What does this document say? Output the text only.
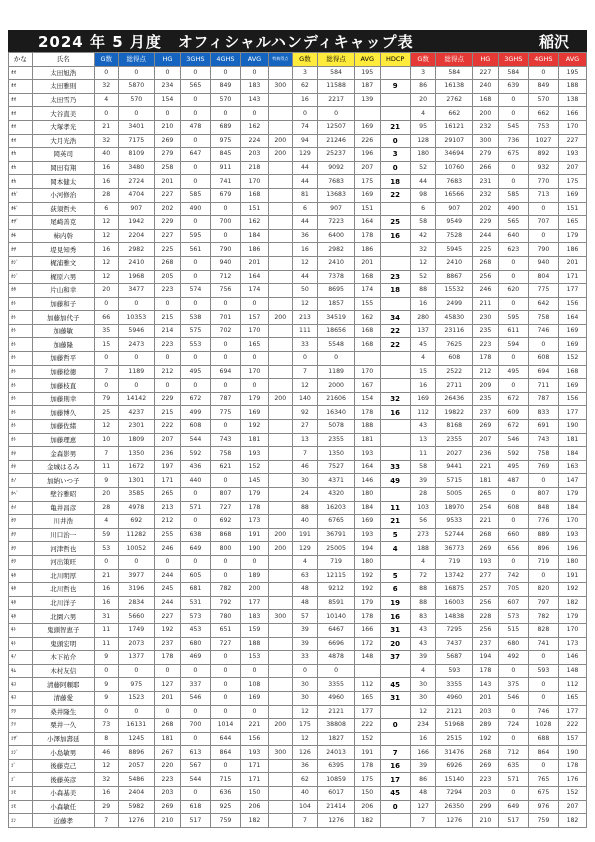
2024 年 5 月度　オフィシャルハンディキャップ表	稲沢
かな	氏名	G数	総得点	HG	3GHS	4GHS	AVG	特典得点	G数	総得点	AVG	HDCP	G数	総得点	HG	3GHS	4GHS	AVG
ｵｵ	太田旭浩	0	0	0	0	0	0		3	584	195		3	584	227	584	0	195
ｵｵ	太田雅則	32	5870	234	565	849	183	300	62	11588	187	9	86	16138	240	639	849	188
ｵｵ	太田雪乃	4	570	154	0	570	143		16	2217	139		20	2762	168	0	570	138
ｵｵ	大谷直美	0	0	0	0	0	0		0	0			4	662	200	0	662	166
ｵｵ	大塚孝光	21	3401	210	478	689	162		74	12507	169	21	95	16121	232	545	753	170
ｵｵ	大月光浩	32	7175	269	0	975	224	200	94	21246	226	0	128	29107	300	736	1027	227
ｵｶ	岡英司	40	8109	279	647	845	203	200	129	25237	196	3	180	34694	279	675	892	193
ｵｶ	岡田有翔	16	3480	258	0	911	218		44	9092	207	0	52	10760	266	0	932	207
ｵｶ	岡本健太	16	2724	201	0	741	170		44	7683	175	18	44	7683	231	0	770	175
ｵｶﾞ	小河修治	28	4704	227	585	679	168		81	13683	169	22	98	16566	232	585	713	169
ｵｷﾞ	荻須哲夫	6	907	202	490	0	151		6	907	151		6	907	202	490	0	151
ｵｻﾞ	尾崎善克	12	1942	229	0	700	162		44	7223	164	25	58	9549	229	565	707	165
ｶｷ	柿内幹	12	2204	227	595	0	184		36	6400	178	16	42	7528	244	640	0	179
ｶｻ	堤見知秀	16	2982	225	561	790	186		16	2982	186		32	5945	225	623	790	186
ｶｼﾞ	梶浦雅文	12	2410	268	0	940	201		12	2410	201		12	2410	268	0	940	201
ｶｼﾞ	梶原六男	12	1968	205	0	712	164		44	7378	168	23	52	8867	256	0	804	171
ｶﾀ	片山和幸	20	3477	223	574	756	174		50	8695	174	18	88	15532	246	620	775	177
ｶﾄ	加藤和子	0	0	0	0	0	0		12	1857	155		16	2499	211	0	642	156
ｶﾄ	加藤加代子	66	10353	215	538	701	157	200	213	34519	162	34	280	45830	230	595	758	164
ｶﾄ	加藤敏	35	5946	214	575	702	170		111	18656	168	22	137	23116	235	611	746	169
ｶﾄ	加藤隆	15	2473	223	553	0	165		33	5548	168	22	45	7625	223	594	0	169
ｶﾄ	加藤哲平	0	0	0	0	0	0		0	0			4	608	178	0	608	152
ｶﾄ	加藤稔徳	7	1189	212	495	694	170		7	1189	170		15	2522	212	495	694	168
ｶﾄ	加藤枝直	0	0	0	0	0	0		12	2000	167		16	2711	209	0	711	169
ｶﾄ	加藤則幸	79	14142	229	672	787	179	200	140	21606	154	32	169	26436	235	672	787	156
ｶﾄ	加藤博久	25	4237	215	499	775	169		92	16340	178	16	112	19822	237	609	833	177
ｶﾄ	加藤佐緒	12	2301	222	608	0	192		27	5078	188		43	8168	269	672	691	190
ｶﾄ	加藤理恵	10	1809	207	544	743	181		13	2355	181		13	2355	207	546	743	181
ｶﾈ	金森影男	7	1350	236	592	758	193		7	1350	193		11	2027	236	592	758	184
ｶﾈ	金城はるみ	11	1672	197	436	621	152		46	7527	164	33	58	9441	221	495	769	163
ｶﾉ	加納いつ子	9	1301	171	440	0	145		30	4371	146	49	39	5715	181	487	0	147
ｶﾍﾞ	壁谷雅昭	20	3585	265	0	807	179		24	4320	180		28	5005	265	0	807	179
ｶﾒ	亀井昌彦	28	4978	213	571	727	178		88	16203	184	11	103	18970	254	608	848	184
ｶﾜ	川井浩	4	692	212	0	692	173		40	6765	169	21	56	9533	221	0	776	170
ｶﾜ	川口治一	59	11282	255	638	868	191	200	191	36791	193	5	273	52744	268	660	889	193
ｶﾜ	河津哲也	53	10052	246	649	800	190	200	129	25005	194	4	188	36773	269	656	896	196
ｶﾜ	河出策旺	0	0	0	0	0	0		4	719	180		4	719	193	0	719	180
ｷﾀ	北川明厚	21	3977	244	605	0	189		63	12115	192	5	72	13742	277	742	0	191
ｷﾀ	北川哲也	16	3196	245	681	782	200		48	9212	192	6	88	16875	257	705	820	192
ｷﾀ	北川洋子	16	2834	244	531	792	177		48	8591	179	19	88	16003	256	607	797	182
ｷﾀ	北園六男	31	5660	227	573	780	183	300	57	10140	178	16	83	14838	228	573	782	179
ｷﾄ	鬼頭智恵子	11	1749	192	453	651	159		39	6467	166	31	43	7295	256	515	828	170
ｷﾄ	鬼頭宏明	11	2073	237	680	727	188		39	6696	172	20	43	7437	237	680	741	173
ｷﾉ	木下祐介	9	1377	178	469	0	153		33	4878	148	37	39	5687	194	492	0	146
ｷﾑ	木村友信	0	0	0	0	0	0		0	0			4	593	178	0	593	148
ｷﾖ	清藤阿頼耶	9	975	127	337	0	108		30	3355	112	45	30	3355	143	375	0	112
ｷﾖ	清藤愛	9	1523	201	546	0	169		30	4960	165	31	30	4960	201	546	0	165
ｸﾜ	桑井隆生	0	0	0	0	0	0		12	2121	177		12	2121	203	0	746	177
ｸﾘ	栗井一久	73	16131	268	700	1014	221	200	175	38808	222	0	234	51968	289	724	1028	222
ｺｻﾞ	小澤加壽延	8	1245	181	0	644	156		12	1827	152		16	2515	192	0	688	157
ｺｼﾞ	小島敏男	46	8896	267	613	864	193	300	126	24013	191	7	166	31476	268	712	864	190
ｺﾞ	後藤克己	12	2057	220	567	0	171		36	6395	178	16	39	6926	269	635	0	178
ｺﾞ	後藤英彦	32	5486	223	544	715	171		62	10859	175	17	86	15140	223	571	765	176
ｺﾓ	小森基美	16	2404	203	0	636	150		40	6017	150	45	48	7294	203	0	675	152
ｺﾓ	小森敏任	29	5982	269	618	925	206		104	21414	206	0	127	26350	299	649	976	207
ｺﾝ	近藤孝	7	1276	210	517	759	182		7	1276	182		7	1276	210	517	759	182
